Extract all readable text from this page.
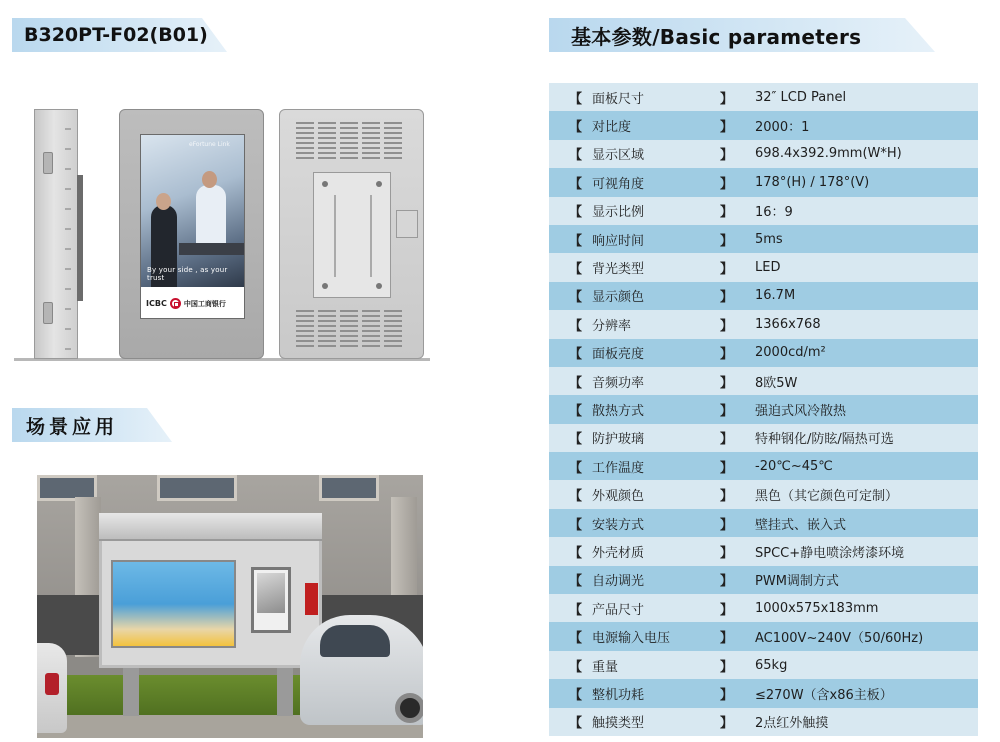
B320PT-F02(B01)	基本参数/Basic parameters
场景应用
eFortune Link
By your side , as your trust
ICBC 中国工商银行
【 面板尺寸	】 32″ LCD Panel
【 对比度	】 2000：1
【 显示区域	】 698.4x392.9mm(W*H)
【 可视角度	】 178°(H) / 178°(V)
【 显示比例	】 16：9
【 响应时间	】 5ms
【 背光类型	】 LED
【 显示颜色	】 16.7M
【 分辨率	】 1366x768
【 面板亮度	】 2000cd/m²
【 音频功率	】 8欧5W
【 散热方式	】 强迫式风冷散热
【 防护玻璃	】 特种钢化/防眩/隔热可选
【 工作温度	】 -20℃~45℃
【 外观颜色	】 黑色（其它颜色可定制）
【 安装方式	】 壁挂式、嵌入式
【 外壳材质	】 SPCC+静电喷涂烤漆环境
【 自动调光	】 PWM调制方式
【 产品尺寸	】 1000x575x183mm
【 电源输入电压	】 AC100V~240V（50/60Hz)
【 重量	】 65kg
【 整机功耗	】 ≤270W（含x86主板）
【 触摸类型	】 2点红外触摸
